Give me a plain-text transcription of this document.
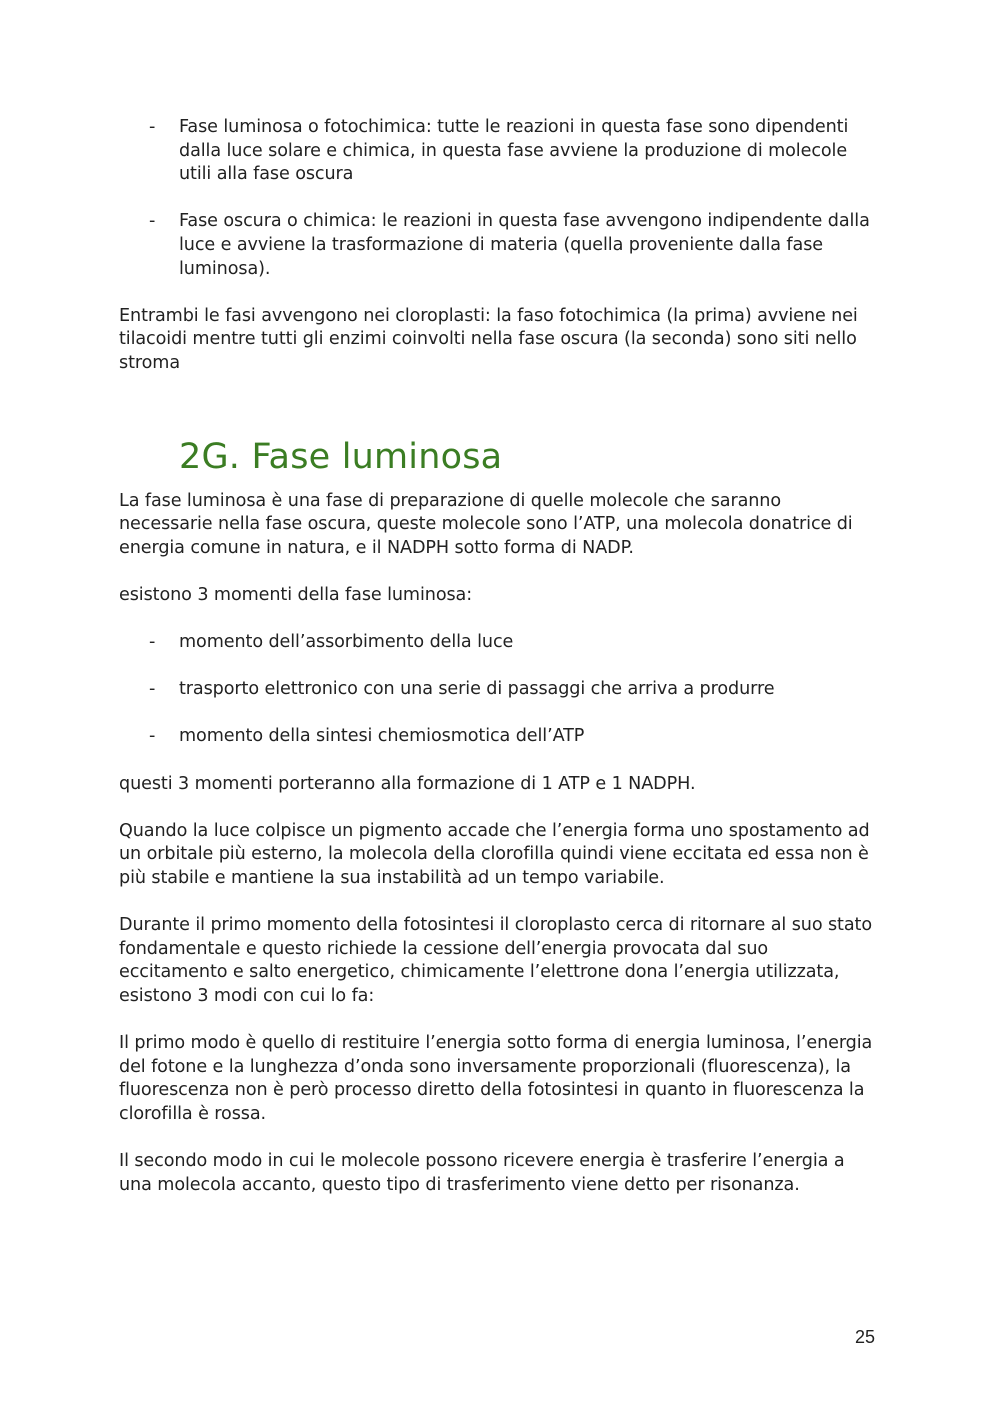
- Fase luminosa o fotochimica: tutte le reazioni in questa fase sono dipendenti dalla luce solare e chimica, in questa fase avviene la produzione di molecole utili alla fase oscura
- Fase oscura o chimica: le reazioni in questa fase avvengono indipendente dalla luce e avviene la trasformazione di materia (quella proveniente dalla fase luminosa).

Entrambi le fasi avvengono nei cloroplasti: la faso fotochimica (la prima) avviene nei tilacoidi mentre tutti gli enzimi coinvolti nella fase oscura (la seconda) sono siti nello stroma

2G. Fase luminosa

La fase luminosa è una fase di preparazione di quelle molecole che saranno necessarie nella fase oscura, queste molecole sono l’ATP, una molecola donatrice di energia comune in natura, e il NADPH sotto forma di NADP.

esistono 3 momenti della fase luminosa:

- momento dell’assorbimento della luce
- trasporto elettronico con una serie di passaggi che arriva a produrre
- momento della sintesi chemiosmotica dell’ATP

questi 3 momenti porteranno alla formazione di 1 ATP e 1 NADPH.

Quando la luce colpisce un pigmento accade che l’energia forma uno spostamento ad un orbitale più esterno, la molecola della clorofilla quindi viene eccitata ed essa non è più stabile e mantiene la sua instabilità ad un tempo variabile.

Durante il primo momento della fotosintesi il cloroplasto cerca di ritornare al suo stato fondamentale e questo richiede la cessione dell’energia provocata dal suo eccitamento e salto energetico, chimicamente l’elettrone dona l’energia utilizzata, esistono 3 modi con cui lo fa:

Il primo modo è quello di restituire l’energia sotto forma di energia luminosa, l’energia del fotone e la lunghezza d’onda sono inversamente proporzionali (fluorescenza), la fluorescenza non è però processo diretto della fotosintesi in quanto in fluorescenza la clorofilla è rossa.

Il secondo modo in cui le molecole possono ricevere energia è trasferire l’energia a una molecola accanto, questo tipo di trasferimento viene detto per risonanza.

25
